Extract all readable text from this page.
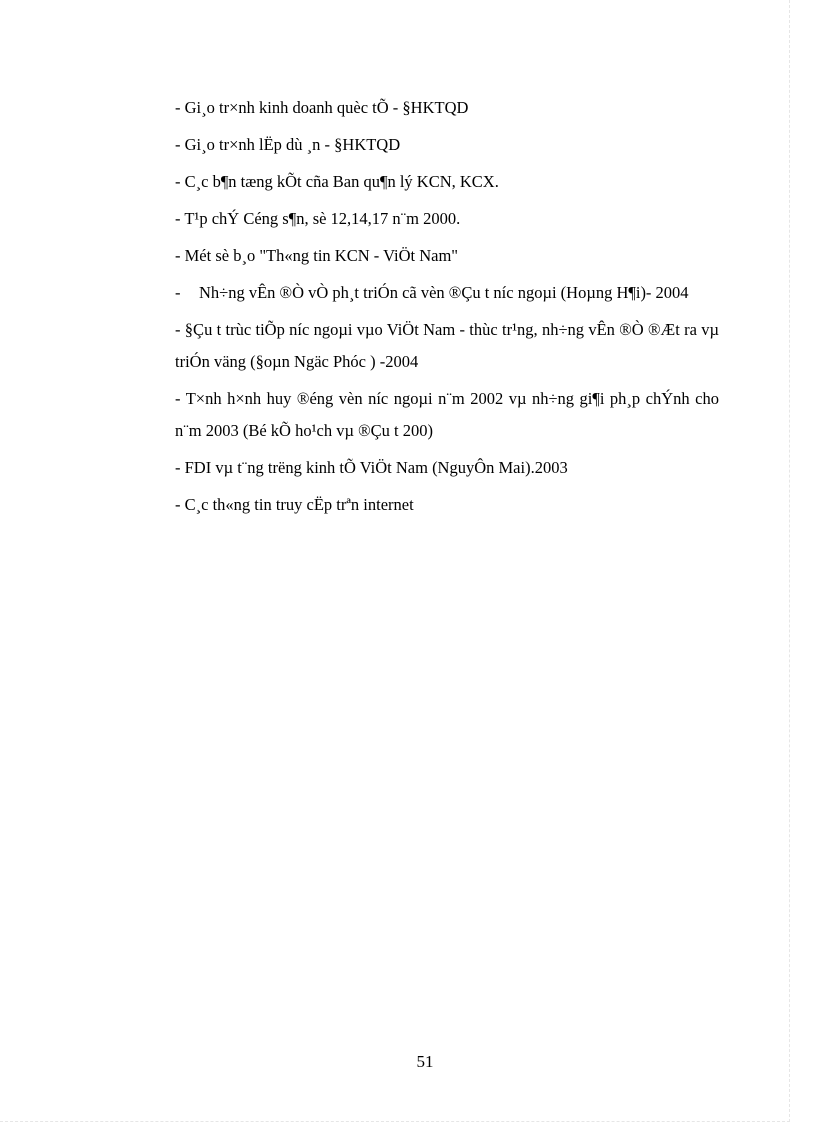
- Gi¸o tr×nh kinh doanh quèc tÕ - §HKTQD
- Gi¸o tr×nh lËp dù ¸n - §HKTQD
- C¸c b¶n tæng kÕt cña Ban qu¶n lý KCN, KCX.
- T¹p chÝ Céng s¶n, sè 12,14,17 n¨m 2000.
- Mét sè b¸o "Th«ng tin KCN - ViÖt Nam"
- Nh÷ng vÊn ®Ò vÒ ph¸t triÓn cã vèn ®Çu t níc ngoµi (Hoµng H¶i)- 2004
- §Çu t trùc tiÕp níc ngoµi vµo ViÖt Nam - thùc tr¹ng, nh÷ng vÊn ®Ò ®Æt ra vµ triÓn väng (§oµn Ngäc Phóc ) -2004
- T×nh h×nh huy ®éng vèn níc ngoµi n¨m 2002 vµ nh÷ng gi¶i ph¸p chÝnh cho n¨m 2003 (Bé kÕ ho¹ch vµ ®Çu t 200)
- FDI vµ t¨ng trëng kinh tÕ ViÖt Nam (NguyÔn Mai).2003
- C¸c th«ng tin truy cËp trªn internet
51
